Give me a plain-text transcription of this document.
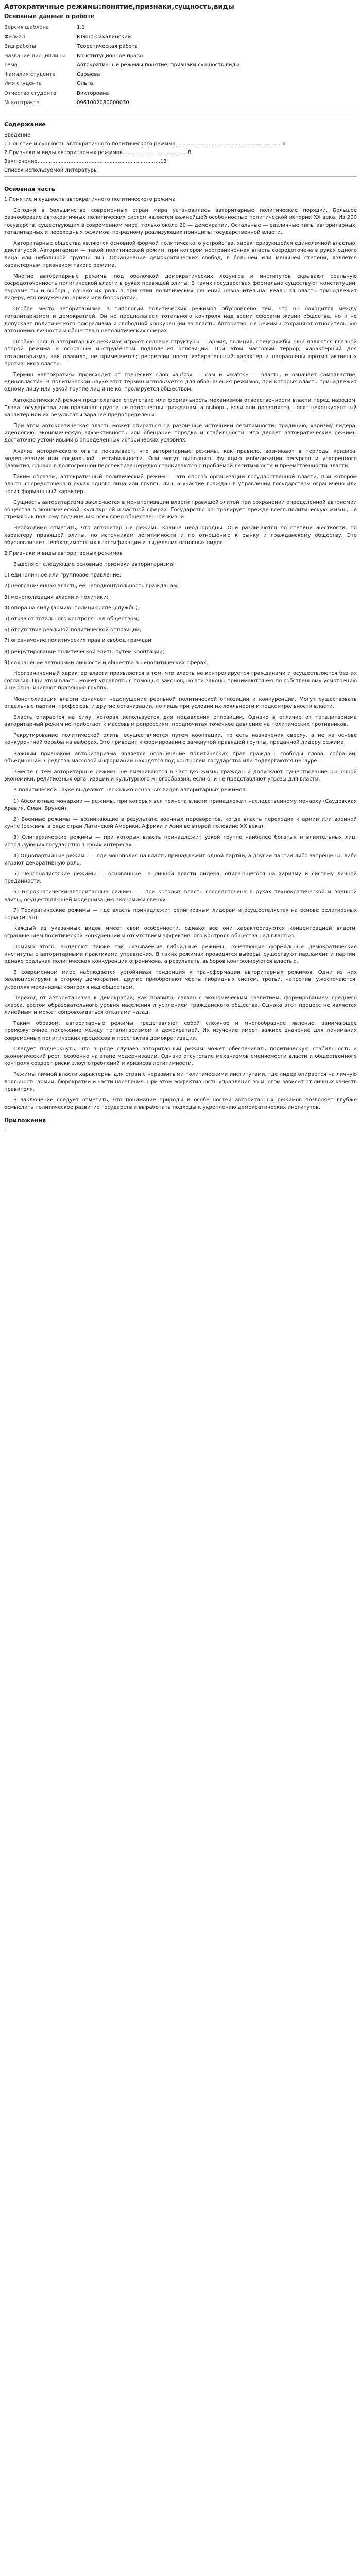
Автократичные режимы:понятие,признаки,сущность,виды
Основные данные о работе
Версия шаблона	1.1
Филиал	Южно-Сахалинский
Вид работы	Теоретическая работа
Название дисциплины	Конституционное право
Тема	Автократичные режимы:понятие, признаки,сущность,виды
Фамилия студента	Сарыева
Имя студента	Ольга
Отчество студента	Викторовна
№ контракта	0961002080000030
Содержание
Введение
1 Понятие и сущность автократичного политического режима.................................................................3
2 Признаки и виды авторитарных режимов........................................8
Заключение...........................................................................13
Список используемой литературы
Основная часть

1 Понятие и сущность автократичного политического режима

Сегодня в большинстве современных стран мира установились авторитарные политические порядки. Большое разнообразие автократичных политических систем является важнейшей особенностью политической истории ХХ века. Из 200 государств, существующих в современном мире, только около 20 — демократии. Остальные — различные типы авторитарных, тоталитарных и переходных режимов, по-разному реализующих принципы государственной власти.

Авторитарные общества являются основной формой политического устройства, характеризующейся единоличной властью, диктатурой. Авторитаризм — такой политический режим, при котором неограниченная власть сосредоточена в руках одного лица или небольшой группы лиц. Ограничение демократических свобод, в большей или меньшей степени, является характерным признаком такого режима.

Многие авторитарные режимы под оболочкой демократических лозунгов и институтов скрывают реальную сосредоточенность политической власти в руках правящей элиты. В таких государствах формально существуют конституции, парламенты и выборы, однако их роль в принятии политических решений незначительна. Реальная власть принадлежит лидеру, его окружению, армии или бюрократии.

Особое место авторитаризма в типологии политических режимов обусловлено тем, что он находится между тоталитаризмом и демократией. Он не предполагает тотального контроля над всеми сферами жизни общества, но и не допускает политического плюрализма и свободной конкуренции за власть. Авторитарные режимы сохраняют относительную автономию личности и общества в неполитических сферах.

Особую роль в авторитарных режимах играют силовые структуры — армия, полиция, спецслужбы. Они являются главной опорой режима и основным инструментом подавления оппозиции. При этом массовый террор, характерный для тоталитаризма, как правило, не применяется; репрессии носят избирательный характер и направлены против активных противников власти.

Термин «автократия» происходит от греческих слов «autos» — сам и «kratos» — власть, и означает самовластие, единовластие. В политической науке этот термин используется для обозначения режимов, при которых власть принадлежит одному лицу или узкой группе лиц и не контролируется обществом.

Автократический режим предполагает отсутствие или формальность механизмов ответственности власти перед народом. Глава государства или правящая группа не подотчетны гражданам, а выборы, если они проводятся, носят неконкурентный характер или их результаты заранее предопределены.

При этом автократическая власть может опираться на различные источники легитимности: традицию, харизму лидера, идеологию, экономическую эффективность или обещание порядка и стабильности. Это делает автократические режимы достаточно устойчивыми в определенных исторических условиях.

Анализ исторического опыта показывает, что авторитарные режимы, как правило, возникают в периоды кризиса, модернизации или социальной нестабильности. Они могут выполнять функцию мобилизации ресурсов и ускоренного развития, однако в долгосрочной перспективе нередко сталкиваются с проблемой легитимности и преемственности власти.

Таким образом, автократичный политический режим — это способ организации государственной власти, при котором власть сосредоточена в руках одного лица или группы лиц, а участие граждан в управлении государством ограничено или носит формальный характер.

Сущность авторитаризма заключается в монополизации власти правящей элитой при сохранении определенной автономии общества в экономической, культурной и частной сферах. Государство контролирует прежде всего политическую жизнь, не стремясь к полному подчинению всех сфер общественной жизни.

Необходимо отметить, что авторитарные режимы крайне неоднородны. Они различаются по степени жесткости, по характеру правящей элиты, по источникам легитимности и по отношению к рынку и гражданскому обществу. Это обусловливает необходимость их классификации и выделения основных видов.

2 Признаки и виды авторитарных режимов

Выделяют следующие основные признаки авторитаризма:

1) единоличное или групповое правление;

2) неограниченная власть, ее неподконтрольность гражданам;

3) монополизация власти и политики;

4) опора на силу (армию, полицию, спецслужбы);

5) отказ от тотального контроля над обществом;

6) отсутствие реальной политической оппозиции;

7) ограничение политических прав и свобод граждан;

8) рекрутирование политической элиты путем кооптации;

9) сохранение автономии личности и общества в неполитических сферах.

Неограниченный характер власти проявляется в том, что власть не контролируется гражданами и осуществляется без их согласия. При этом власть может управлять с помощью законов, но эти законы принимаются ею по собственному усмотрению и не ограничивают правящую группу.

Монополизация власти означает недопущение реальной политической оппозиции и конкуренции. Могут существовать отдельные партии, профсоюзы и другие организации, но лишь при условии их лояльности и подконтрольности власти.

Власть опирается на силу, которая используется для подавления оппозиции. Однако в отличие от тоталитаризма авторитарный режим не прибегает к массовым репрессиям, предпочитая точечное давление на политических противников.

Рекрутирование политической элиты осуществляется путем кооптации, то есть назначения сверху, а не на основе конкурентной борьбы на выборах. Это приводит к формированию замкнутой правящей группы, преданной лидеру режима.

Важным признаком авторитаризма является ограничение политических прав граждан: свободы слова, собраний, объединений. Средства массовой информации находятся под контролем государства или подвергаются цензуре.

Вместе с тем авторитарные режимы не вмешиваются в частную жизнь граждан и допускают существование рыночной экономики, религиозных организаций и культурного многообразия, если они не представляют угрозы для власти.

В политической науке выделяют несколько основных видов авторитарных режимов:

1) Абсолютные монархии — режимы, при которых вся полнота власти принадлежит наследственному монарху (Саудовская Аравия, Оман, Бруней).

2) Военные режимы — возникающие в результате военных переворотов, когда власть переходит к армии или военной хунте (режимы в ряде стран Латинской Америки, Африки и Азии во второй половине XX века).

3) Олигархические режимы — при которых власть принадлежит узкой группе наиболее богатых и влиятельных лиц, использующих государство в своих интересах.

4) Однопартийные режимы — где монополия на власть принадлежит одной партии, а другие партии либо запрещены, либо играют декоративную роль.

5) Персоналистские режимы — основанные на личной власти лидера, опирающегося на харизму и систему личной преданности.

6) Бюрократически-авторитарные режимы — при которых власть сосредоточена в руках технократической и военной элиты, осуществляющей модернизацию экономики сверху.

7) Теократические режимы — где власть принадлежит религиозным лидерам и осуществляется на основе религиозных норм (Иран).

Каждый из указанных видов имеет свои особенности, однако все они характеризуются концентрацией власти, ограничением политической конкуренции и отсутствием эффективного контроля общества над властью.

Помимо этого, выделяют также так называемые гибридные режимы, сочетающие формальные демократические институты с авторитарными практиками управления. В таких режимах проводятся выборы, существуют парламент и партии, однако реальная политическая конкуренция ограничена, а результаты выборов контролируются властью.

В современном мире наблюдается устойчивая тенденция к трансформации авторитарных режимов. Одни из них эволюционируют в сторону демократии, другие приобретают черты гибридных систем, третьи, напротив, ужесточаются, укрепляя механизмы контроля над обществом.

Переход от авторитаризма к демократии, как правило, связан с экономическим развитием, формированием среднего класса, ростом образовательного уровня населения и усилением гражданского общества. Однако этот процесс не является линейным и может сопровождаться откатами назад.

Таким образом, авторитарные режимы представляют собой сложное и многообразное явление, занимающее промежуточное положение между тоталитаризмом и демократией. Их изучение имеет важное значение для понимания современных политических процессов и перспектив демократизации.

Следует подчеркнуть, что в ряде случаев авторитарный режим может обеспечивать политическую стабильность и экономический рост, особенно на этапе модернизации. Однако отсутствие механизмов сменяемости власти и общественного контроля создает риски злоупотреблений и кризисов легитимности.

Режимы личной власти характерны для стран с неразвитыми политическими институтами, где лидер опирается на личную лояльность армии, бюрократии и части населения. При этом эффективность управления во многом зависит от личных качеств правителя.

В заключение следует отметить, что понимание природы и особенностей авторитарных режимов позволяет глубже осмыслить политическое развитие государств и выработать подходы к укреплению демократических институтов.

Приложения
-
